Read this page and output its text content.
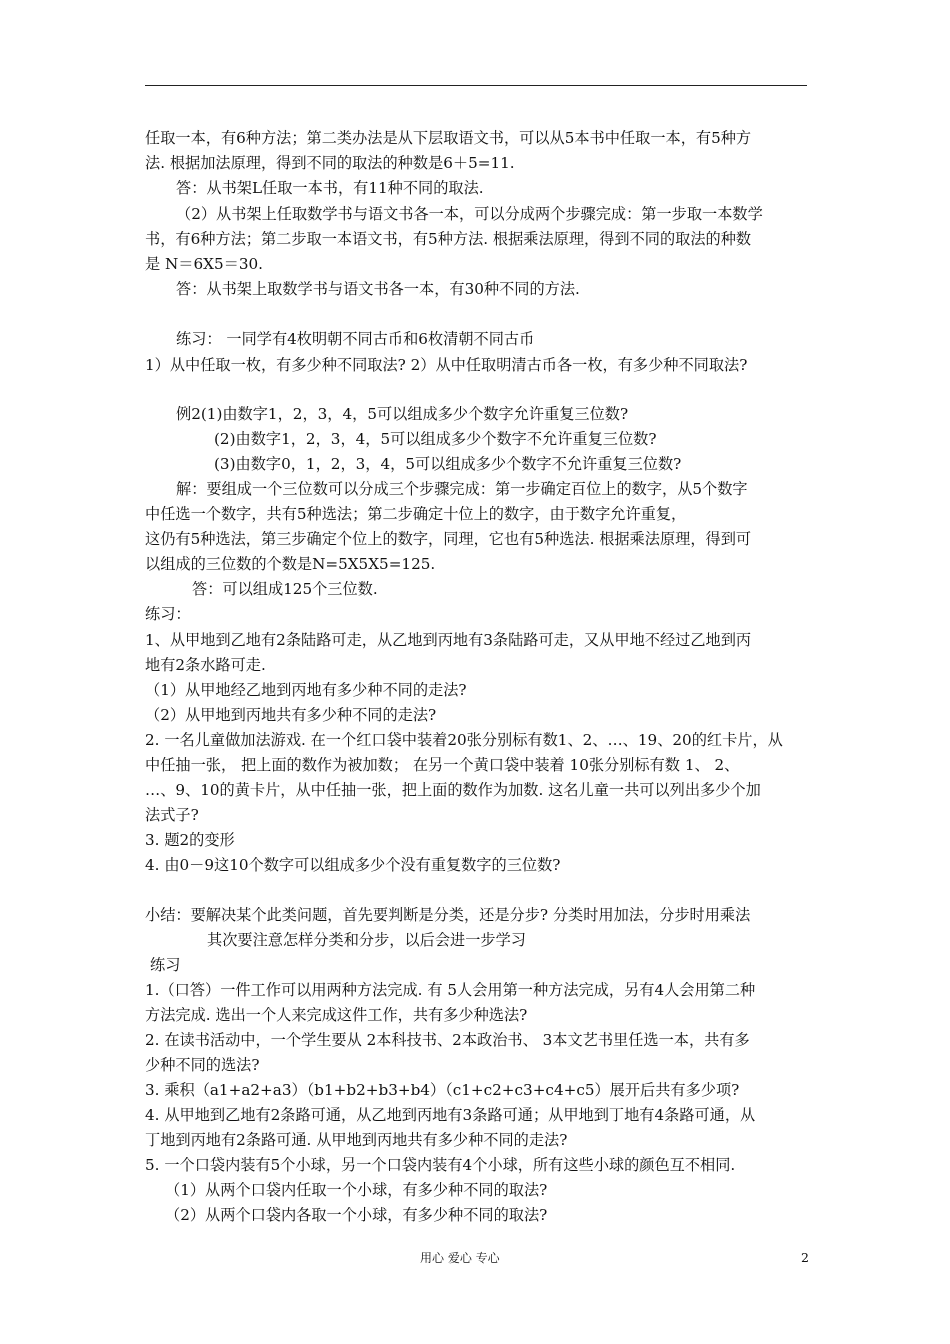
任取一本，有6种方法；第二类办法是从下层取语文书，可以从5本书中任取一本，有5种方
法. 根据加法原理，得到不同的取法的种数是6＋5=11.
答：从书架L任取一本书，有11种不同的取法.
（2）从书架上任取数学书与语文书各一本，可以分成两个步骤完成：第一步取一本数学
书，有6种方法；第二步取一本语文书，有5种方法. 根据乘法原理，得到不同的取法的种数
是 N＝6X5＝30.
答：从书架上取数学书与语文书各一本，有30种不同的方法.
练习： 一同学有4枚明朝不同古币和6枚清朝不同古币
1）从中任取一枚，有多少种不同取法? 2）从中任取明清古币各一枚，有多少种不同取法?
例2(1)由数字1，2，3，4，5可以组成多少个数字允许重复三位数?
(2)由数字1，2，3，4，5可以组成多少个数字不允许重复三位数?
(3)由数字0，1，2，3，4，5可以组成多少个数字不允许重复三位数?
解：要组成一个三位数可以分成三个步骤完成：第一步确定百位上的数字，从5个数字
中任选一个数字，共有5种选法；第二步确定十位上的数字，由于数字允许重复，
这仍有5种选法，第三步确定个位上的数字，同理，它也有5种选法. 根据乘法原理，得到可
以组成的三位数的个数是N=5X5X5=125.
答：可以组成125个三位数.
练习：
1、从甲地到乙地有2条陆路可走，从乙地到丙地有3条陆路可走，又从甲地不经过乙地到丙
地有2条水路可走.
（1）从甲地经乙地到丙地有多少种不同的走法?
（2）从甲地到丙地共有多少种不同的走法?
2. 一名儿童做加法游戏. 在一个红口袋中装着20张分别标有数1、2、…、19、20的红卡片，从
中任抽一张， 把上面的数作为被加数； 在另一个黄口袋中装着 10张分别标有数 1、 2、
…、9、10的黄卡片，从中任抽一张，把上面的数作为加数. 这名儿童一共可以列出多少个加
法式子?
3. 题2的变形
4. 由0－9这10个数字可以组成多少个没有重复数字的三位数?
小结：要解决某个此类问题，首先要判断是分类，还是分步? 分类时用加法，分步时用乘法
其次要注意怎样分类和分步，以后会进一步学习
练习
1.（口答）一件工作可以用两种方法完成. 有 5人会用第一种方法完成，另有4人会用第二种
方法完成. 选出一个人来完成这件工作，共有多少种选法?
2. 在读书活动中，一个学生要从 2本科技书、2本政治书、 3本文艺书里任选一本，共有多
少种不同的选法?
3. 乘积（a1+a2+a3）（b1+b2+b3+b4）（c1+c2+c3+c4+c5）展开后共有多少项?
4. 从甲地到乙地有2条路可通，从乙地到丙地有3条路可通；从甲地到丁地有4条路可通，从
丁地到丙地有2条路可通. 从甲地到丙地共有多少种不同的走法?
5. 一个口袋内装有5个小球，另一个口袋内装有4个小球，所有这些小球的颜色互不相同.
（1）从两个口袋内任取一个小球，有多少种不同的取法?
（2）从两个口袋内各取一个小球，有多少种不同的取法?
用心 爱心 专心	2
